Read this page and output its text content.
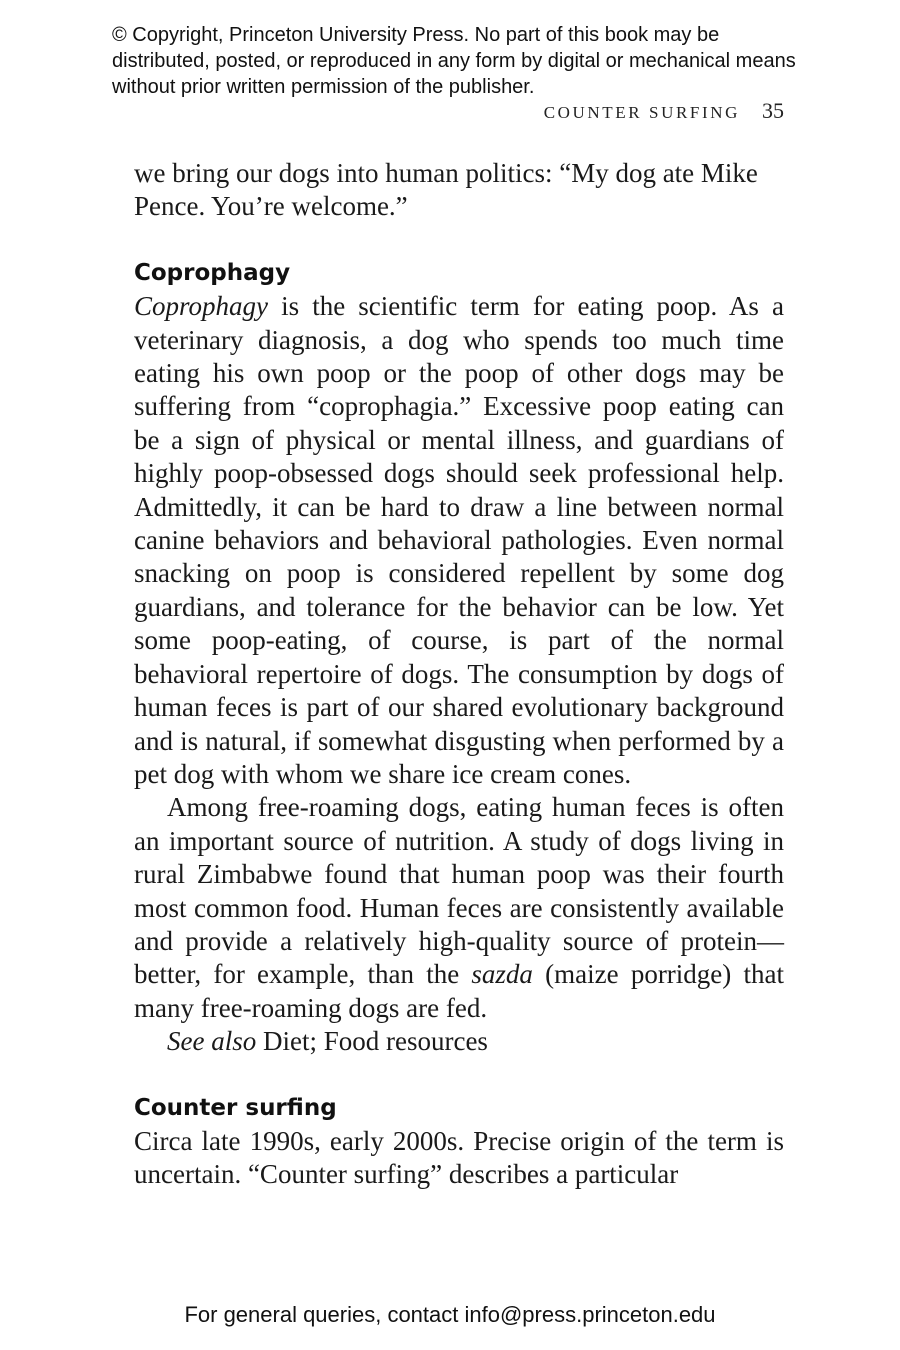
© Copyright, Princeton University Press. No part of this book may be distributed, posted, or reproduced in any form by digital or mechanical means without prior written permission of the publisher.
COUNTER SURFING 35

we bring our dogs into human politics: “My dog ate Mike Pence. You’re welcome.”

Coprophagy

Coprophagy is the scientific term for eating poop. As a veterinary diagnosis, a dog who spends too much time eating his own poop or the poop of other dogs may be suffering from “coprophagia.” Excessive poop eating can be a sign of physical or mental illness, and guardians of highly poop-obsessed dogs should seek professional help. Admittedly, it can be hard to draw a line between normal canine behaviors and behavioral pathologies. Even normal snacking on poop is considered repellent by some dog guardians, and tolerance for the behavior can be low. Yet some poop-eating, of course, is part of the normal behavioral repertoire of dogs. The consumption by dogs of human feces is part of our shared evolutionary background and is natural, if somewhat disgusting when performed by a pet dog with whom we share ice cream cones.

Among free-roaming dogs, eating human feces is often an important source of nutrition. A study of dogs living in rural Zimbabwe found that human poop was their fourth most common food. Human feces are consistently available and provide a relatively high-quality source of protein—better, for example, than the sazda (maize porridge) that many free-roaming dogs are fed.

See also Diet; Food resources

Counter surfing

Circa late 1990s, early 2000s. Precise origin of the term is uncertain. “Counter surfing” describes a particular

For general queries, contact info@press.princeton.edu
